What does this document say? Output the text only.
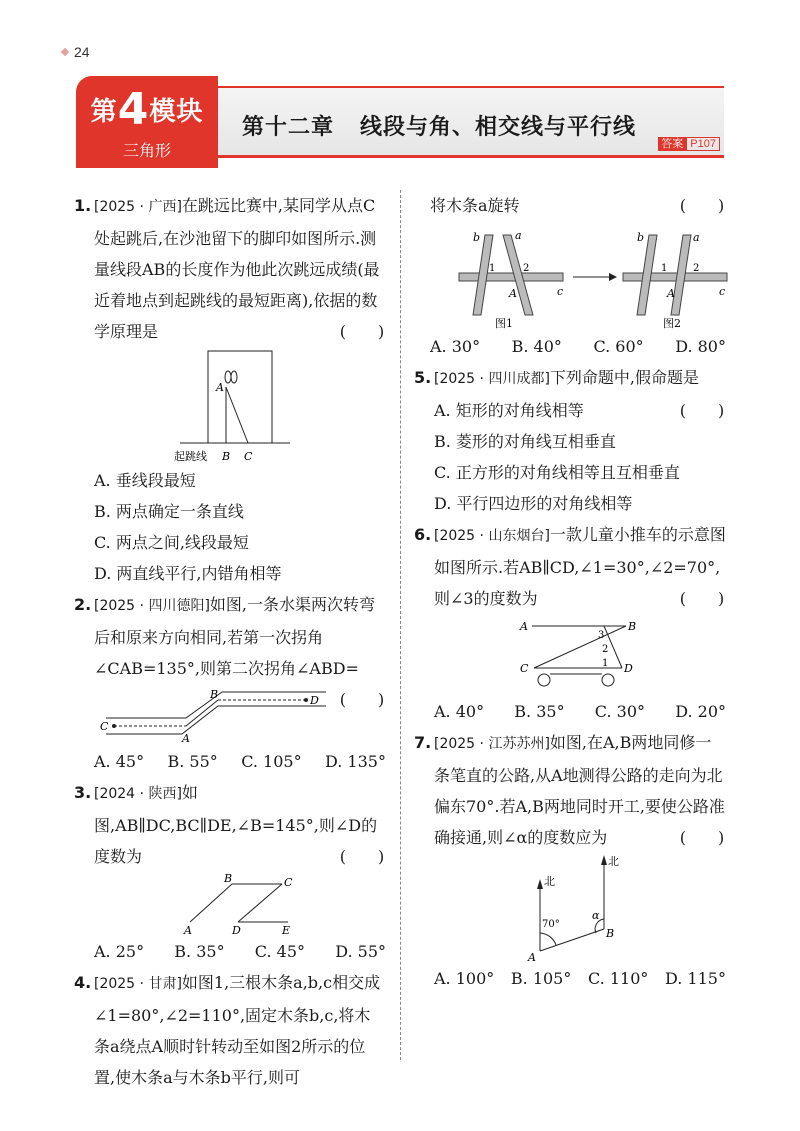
24
第4模块
三角形
第十二章 线段与角、相交线与平行线
答案 P107
1. [2025 · 广西]在跳远比赛中,某同学从点C处起跳后,在沙池留下的脚印如图所示.测量线段AB的长度作为他此次跳远成绩(最近着地点到起跳线的最短距离),依据的数学原理是	(　　)
A
起跳线 B C
A. 垂线段最短
B. 两点确定一条直线
C. 两点之间,线段最短
D. 两直线平行,内错角相等
2. [2025 · 四川德阳]如图,一条水渠两次转弯后和原来方向相同,若第一次拐角∠CAB=135°,则第二次拐角∠ABD=
(　　)
C
A
B	D
A. 45° B. 55° C. 105° D. 135°
3. [2024 · 陕西]如图,AB∥DC,BC∥DE,∠B=145°,则∠D的度数为	(　　)
A
B	C
D	E
A. 25° B. 35° C. 45° D. 55°
4. [2025 · 甘肃]如图1,三根木条a,b,c相交成∠1=80°,∠2=110°,固定木条b,c,将木条a绕点A顺时针转动至如图2所示的位置,使木条a与木条b平行,则可
将木条a旋转	(　　)
b	a
1	2
A	c
图1
b	a
1	2
A	c
图2
A. 30° B. 40° C. 60° D. 80°
5. [2025 · 四川成都]下列命题中,假命题是
(　　)
A. 矩形的对角线相等
B. 菱形的对角线互相垂直
C. 正方形的对角线相等且互相垂直
D. 平行四边形的对角线相等
6. [2025 · 山东烟台]一款儿童小推车的示意图如图所示.若AB∥CD,∠1=30°,∠2=70°,则∠3的度数为	(　　)
A	B
C	D
3
2
1
A. 40° B. 35° C. 30° D. 20°
7. [2025 · 江苏苏州]如图,在A,B两地同修一条笔直的公路,从A地测得公路的走向为北偏东70°.若A,B两地同时开工,要使公路准确接通,则∠α的度数应为	(　　)
北
北
70°
α
A
B
A. 100° B. 105° C. 110° D. 115°
